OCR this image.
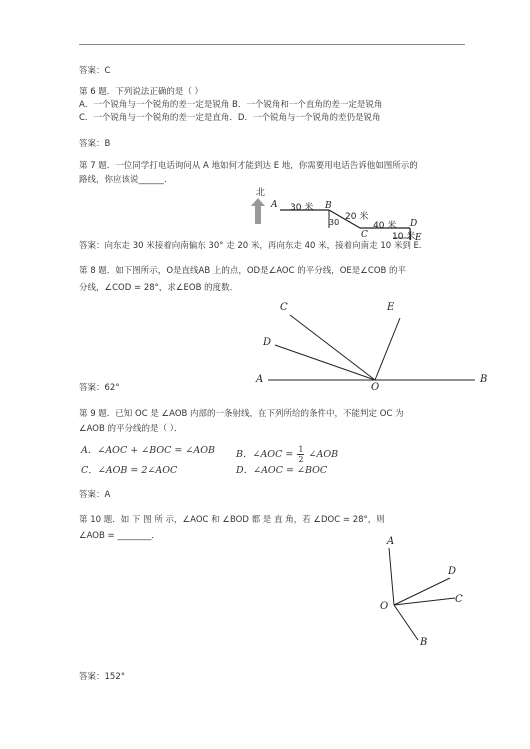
答案：C
第 6 题．下列说法正确的是（ ）
A．一个锐角与一个锐角的差一定是锐角 B．一个锐角和一个直角的差一定是锐角
C．一个锐角与一个锐角的差一定是直角．D．一个锐角与一个锐角的差仍是锐角
答案：B
第 7 题．一位同学打电话询问从 A 地如何才能到达 E 地，你需要用电话告诉他如图所示的
路线，你应该说______．
北
A	B
C
D
E
30 米
20 米
40 米
10 米
30
答案：向东走 30 米接着向南偏东 30° 走 20 米，再向东走 40 米，接着向南走 10 米到 E．
第 8 题．如下图所示，O是直线AB 上的点，OD是∠AOC 的平分线，OE是∠COB 的平
分线，∠COD = 28°，求∠EOB 的度数．
A	B
C
D
E
O
答案：62°
第 9 题．已知 OC 是 ∠AOB 内部的一条射线，在下列所给的条件中，不能判定 OC 为
∠AOB 的平分线的是（ ）．
A．∠AOC + ∠BOC = ∠AOB B．∠AOC = $\frac{1}{2}$ ∠AOB
C．∠AOB = 2∠AOC	D．∠AOC = ∠BOC
答案：A
第 10 题．如 下 图 所 示，∠AOC 和 ∠BOD 都 是 直 角，若 ∠DOC = 28°，则
∠AOB = ________．	A
D
C
O
B
答案：152°
